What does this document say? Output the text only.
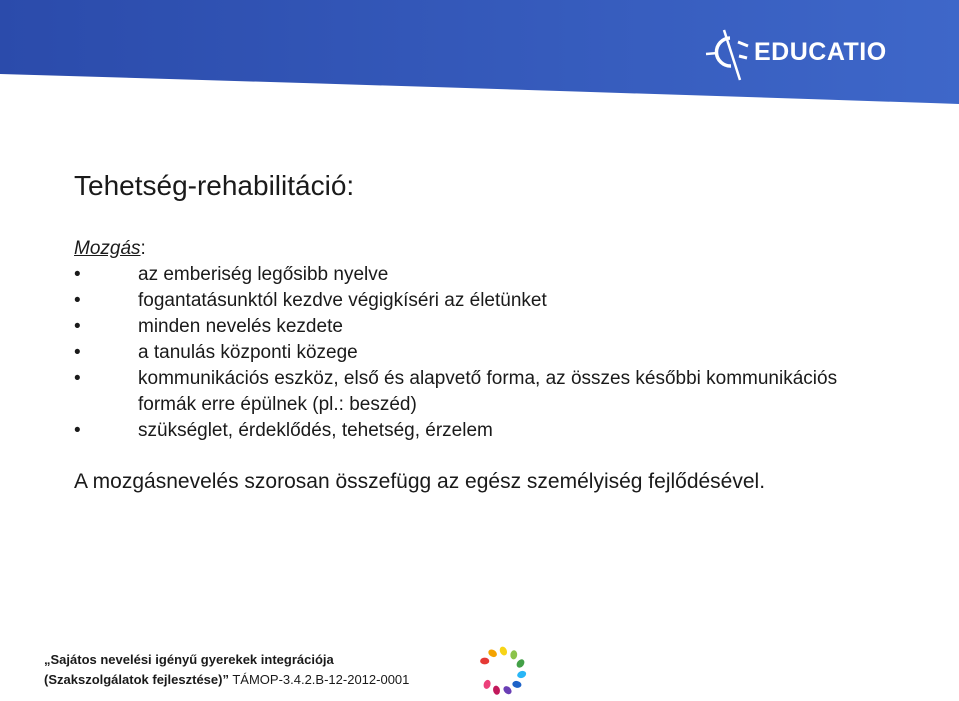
EDUCATIO
Tehetség-rehabilitáció:
Mozgás:
•	az emberiség legősibb nyelve
•	fogantatásunktól kezdve végigkíséri az életünket
•	minden nevelés kezdete
•	a tanulás központi közege
•	kommunikációs eszköz, első és alapvető forma, az összes későbbi kommunikációs formák erre épülnek (pl.: beszéd)
•	szükséglet, érdeklődés, tehetség, érzelem
A mozgásnevelés szorosan összefügg az egész személyiség fejlődésével.
„Sajátos nevelési igényű gyerekek integrációja
(Szakszolgálatok fejlesztése)” TÁMOP-3.4.2.B-12-2012-0001
